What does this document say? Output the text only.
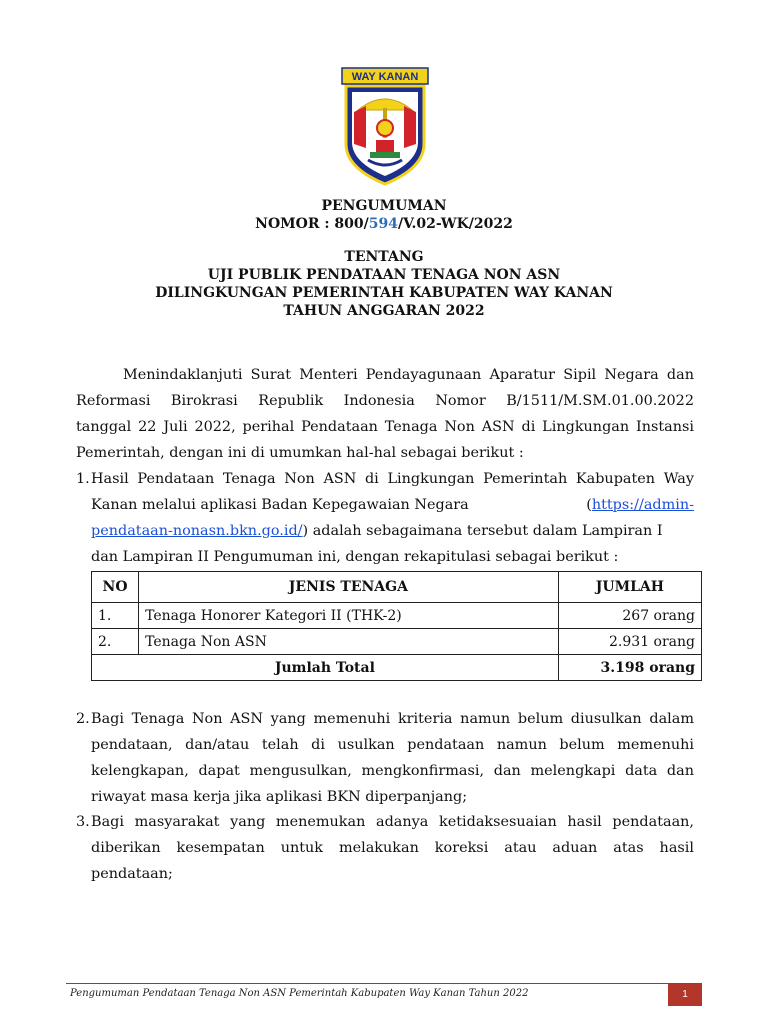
WAY KANAN
PENGUMUMAN
NOMOR : 800/594/V.02-WK/2022
TENTANG
UJI PUBLIK PENDATAAN TENAGA NON ASN
DILINGKUNGAN PEMERINTAH KABUPATEN WAY KANAN
TAHUN ANGGARAN 2022
Menindaklanjuti Surat Menteri Pendayagunaan Aparatur Sipil Negara dan
Reformasi Birokrasi Republik Indonesia Nomor B/1511/M.SM.01.00.2022
tanggal 22 Juli 2022, perihal Pendataan Tenaga Non ASN di Lingkungan Instansi
Pemerintah, dengan ini di umumkan hal-hal sebagai berikut :
1. Hasil Pendataan Tenaga Non ASN di Lingkungan Pemerintah Kabupaten Way
Kanan melalui aplikasi Badan Kepegawaian Negara	(https://admin-
pendataan-nonasn.bkn.go.id/) adalah sebagaimana tersebut dalam Lampiran I
dan Lampiran II Pengumuman ini, dengan rekapitulasi sebagai berikut :
NO	JENIS TENAGA	JUMLAH
1.	Tenaga Honorer Kategori II (THK-2)	267 orang
2.	Tenaga Non ASN	2.931 orang
Jumlah Total		3.198 orang
2. Bagi Tenaga Non ASN yang memenuhi kriteria namun belum diusulkan dalam
pendataan, dan/atau telah di usulkan pendataan namun belum memenuhi
kelengkapan, dapat mengusulkan, mengkonfirmasi, dan melengkapi data dan
riwayat masa kerja jika aplikasi BKN diperpanjang;
3. Bagi masyarakat yang menemukan adanya ketidaksesuaian hasil pendataan,
diberikan kesempatan untuk melakukan koreksi atau aduan atas hasil
pendataan;
Pengumuman Pendataan Tenaga Non ASN Pemerintah Kabupaten Way Kanan Tahun 2022	1
